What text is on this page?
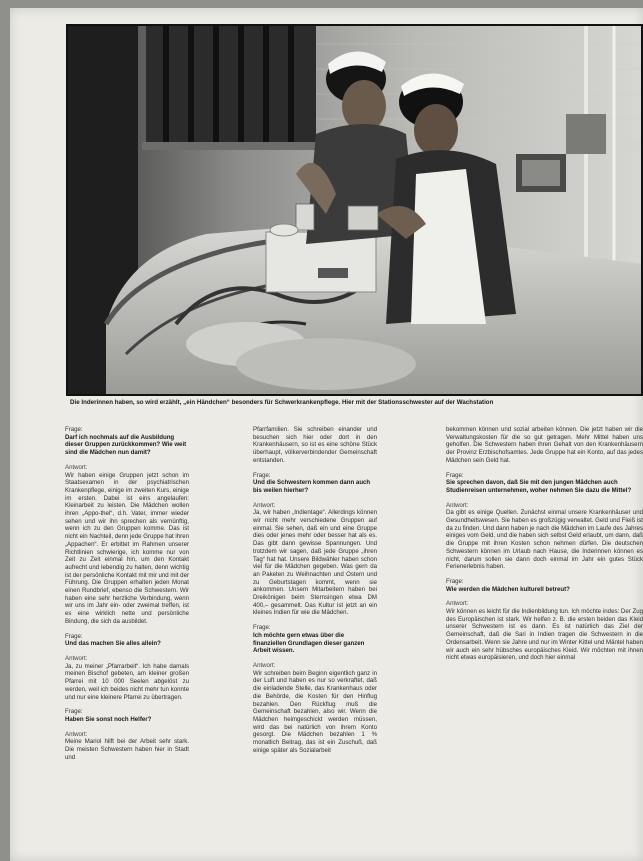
Die Inderinnen haben, so wird erzählt, „ein Händchen“ besonders für Schwerkrankenpflege. Hier mit der Stationsschwester auf der Wachstation
Frage:
Darf ich nochmals auf die Ausbildung dieser Gruppen zurückkommen? Wie weit sind die Mädchen nun damit?
Antwort:
Wir haben einige Gruppen jetzt schon im Staatsexamen in der psychiatrischen Krankenpflege, einige im zweiten Kurs, einige im ersten. Dabei ist eins angelaufen: Kleinarbeit zu leisten. Die Mädchen wollen ihren „Appo-thel“, d.h. Vater, immer wieder sehen und wir ihn sprechen als vernünftig, wenn ich zu den Gruppen komme. Das ist nicht ein Nachteil, denn jede Gruppe hat ihren „Appachen“. Er erbittet im Rahmen unserer Richtlinien schwierige, ich komme nur von Zeit zu Zeit einmal hin, um den Kontakt aufrecht und lebendig zu halten, denn wichtig ist der persönliche Kontakt mit mir und mit der Führung. Die Gruppen erhalten jeden Monat einen Rundbrief, ebenso die Schwestern. Wir haben eine sehr herzliche Verbindung, wenn wir uns im Jahr ein- oder zweimal treffen, ist es eine wirklich nette und persönliche Bindung, die sich da ausbildet.
Frage:
Und das machen Sie alles allein?
Antwort:
Ja, zu meiner „Pfarrarbeit“. Ich habe damals meinen Bischof gebeten, am kleiner großen Pfarrei mit 10 000 Seelen abgelöst zu werden, weil ich beides nicht mehr tun konnte und nur eine kleinere Pfarrei zu übertragen.
Frage:
Haben Sie sonst noch Helfer?
Antwort:
Meine Mariol hilft bei der Arbeit sehr stark. Die meisten Schwestern haben hier in Stadt und
Pfarrfamilien. Sie schreiben einander und besuchen sich hier oder dort in den Krankenhäusern, so ist es eine schöne Stück überhaupt, völkerverbindender Gemeinschaft entstanden.
Frage:
Und die Schwestern kommen dann auch bis weilen hierher?
Antwort:
Ja, wir haben „Indientage“. Allerdings können wir nicht mehr verschiedene Gruppen auf einmal. Sie sehen, daß ein und eine Gruppe dies oder jenes mehr oder besser hat als es. Das gibt dann gewisse Spannungen. Und trotzdem wir sagen, daß jede Gruppe „ihren Tag“ hat hat. Unsere Bildwähler haben schon viel für die Mädchen gegeben. Was gern da an Paketen zu Weihnachten und Ostern und zu Geburtstagen kommt, wenn sie ankommen. Unsern Mitarbeitern haben bei Dreikönigen beim Sternsingen etwa DM 400,– gesammelt. Das Kultur ist jetzt an ein kleines Indien für wie die Mädchen.
Frage:
Ich möchte gern etwas über die finanziellen Grundlagen dieser ganzen Arbeit wissen.
Antwort:
Wir schreiben beim Beginn eigentlich ganz in der Luft und haben es nur so verkraftet, daß die einladende Stelle, das Krankenhaus oder die Behörde, die Kosten für den Hinflug bezahlen. Den Rückflug muß die Gemeinschaft bezahlen, also wir. Wenn die Mädchen heimgeschickt werden müssen, wird das bei natürlich von ihrem Konto gesorgt. Die Mädchen bezahlen 1 % monatlich Beitrag, das ist ein Zuschuß, daß einige später als Sozialarbeit
bekommen können und sozial arbeiten können. Die jetzt haben wir die Verwaltungskosten für die so gut getragen. Mehr Mittel haben uns geholfen. Die Schwestern haben ihren Gehalt von den Krankenhäusern der Provinz Erzbischofsamtes. Jede Gruppe hat ein Konto, auf das jedes Mädchen sein Geld hat.
Frage:
Sie sprechen davon, daß Sie mit den jungen Mädchen auch Studienreisen unternehmen, woher nehmen Sie dazu die Mittel?
Antwort:
Da gibt es einige Quellen. Zunächst einmal unsere Krankenhäuser und Gesundheitswesen. Sie haben es großzügig verwaltet. Geld und Fleiß ist da zu finden. Und dann haben je nach die Mädchen im Laufe des Jahres einiges vom Geld, und die haben sich selbst Geld erlaubt, um dann, daß die Gruppe mit ihren Kosten schon nehmen dürfen. Die deutschen Schwestern können im Urlaub nach Hause, die Inderinnen können es nicht, darum sollen sie dann doch einmal im Jahr ein gutes Stück Ferienerlebnis haben.
Frage:
Wie werden die Mädchen kulturell betreut?
Antwort:
Wir können es leicht für die Indienbildung tun. Ich möchte indes: Der Zug des Europäischen ist stark. Wir helfen z. B. die ersten beiden das Kleid unserer Schwestern ist es dann. Es ist natürlich das Ziel der Gemeinschaft, daß die Sari in Indien tragen die Schwestern in die Ordensarbeit. Wenn sie Jahre und nur im Winter Kittel und Mäntel haben wir auch ein sehr hübsches europäisches Kleid. Wir möchten mit ihnen nicht etwas europäisieren, und doch hier einmal
